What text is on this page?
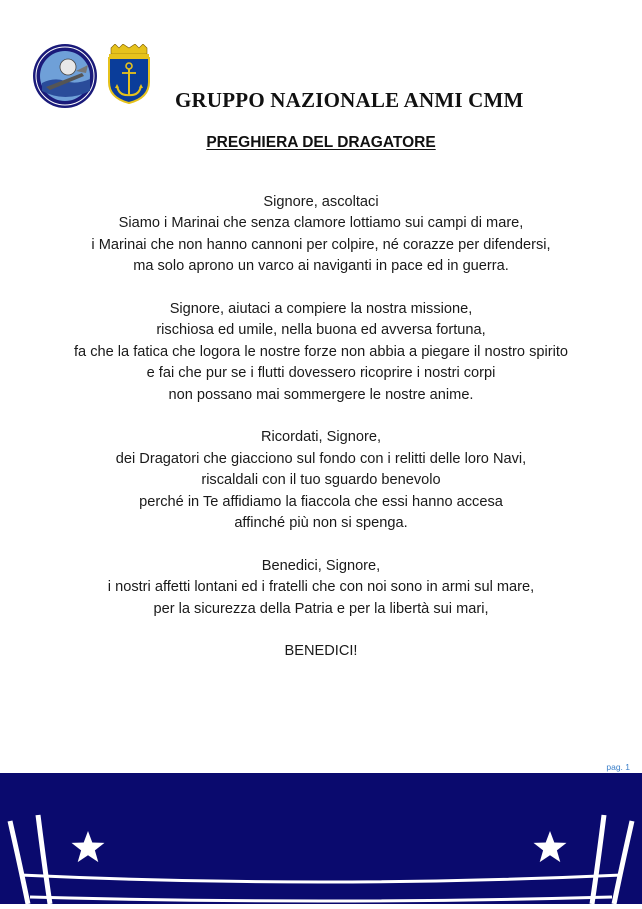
GRUPPO NAZIONALE ANMI CMM
PREGHIERA DEL DRAGATORE
Signore, ascoltaci
Siamo i Marinai che senza clamore lottiamo sui campi di mare,
i Marinai che non hanno cannoni per colpire, né corazze per difendersi,
ma solo aprono un varco ai naviganti in pace ed in guerra.
Signore, aiutaci a compiere la nostra missione,
rischiosa ed umile, nella buona ed avversa fortuna,
fa che la fatica che logora le nostre forze non abbia a piegare il nostro spirito
e fai che pur se i flutti dovessero ricoprire i nostri corpi
non possano mai sommergere le nostre anime.
Ricordati, Signore,
dei Dragatori che giacciono sul fondo con i relitti delle loro Navi,
riscaldali con il tuo sguardo benevolo
perché in Te affidiamo la fiaccola che essi hanno accesa
affinché più non si spenga.
Benedici, Signore,
i nostri affetti lontani ed i fratelli che con noi sono in armi sul mare,
per la sicurezza della Patria e per la libertà sui mari,
BENEDICI!
pag. 1
